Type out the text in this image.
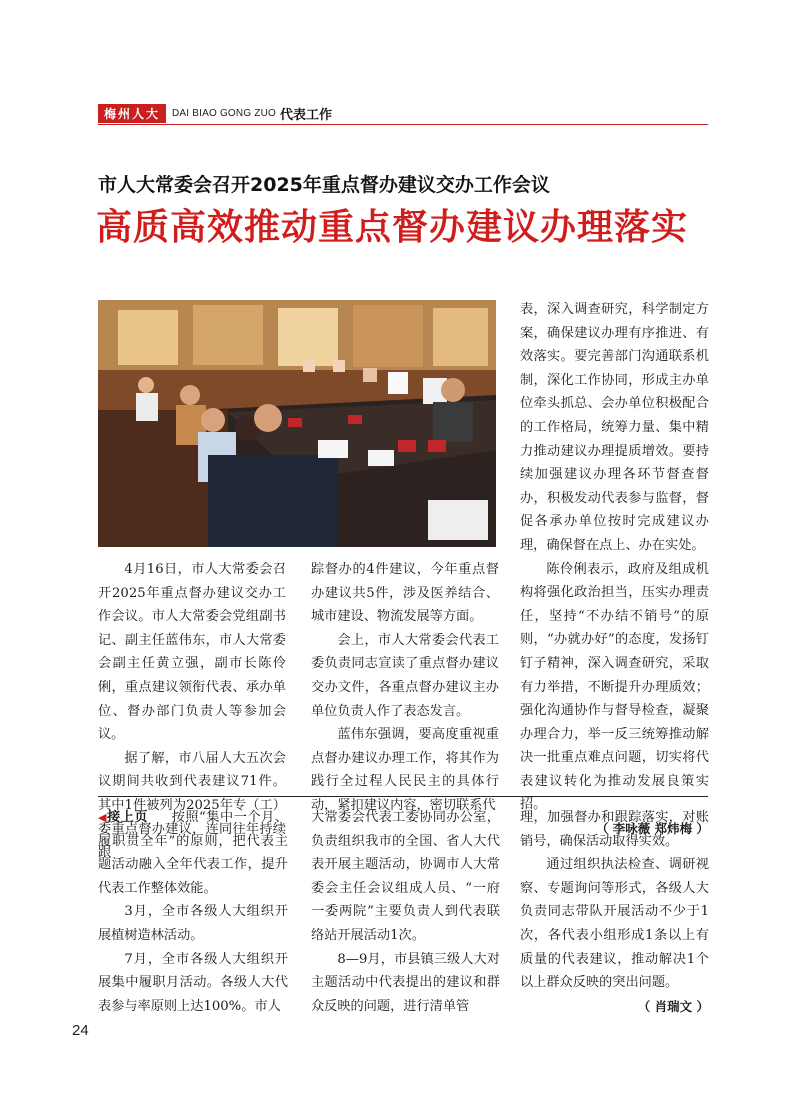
梅州人大	DAI BIAO GONG ZUO 代表工作
市人大常委会召开2025年重点督办建议交办工作会议
高质高效推动重点督办建议办理落实

4月16日，市人大常委会召开2025年重点督办建议交办工作会议。市人大常委会党组副书记、副主任蓝伟东，市人大常委会副主任黄立强，副市长陈伶俐，重点建议领衔代表、承办单位、督办部门负责人等参加会议。

据了解，市八届人大五次会议期间共收到代表建议71件。其中1件被列为2025年专（工）委重点督办建议，连同往年持续跟

踪督办的4件建议，今年重点督办建议共5件，涉及医养结合、城市建设、物流发展等方面。

会上，市人大常委会代表工委负责同志宣读了重点督办建议交办文件，各重点督办建议主办单位负责人作了表态发言。

蓝伟东强调，要高度重视重点督办建议办理工作，将其作为践行全过程人民民主的具体行动，紧扣建议内容，密切联系代

表，深入调查研究，科学制定方案，确保建议办理有序推进、有效落实。要完善部门沟通联系机制，深化工作协同，形成主办单位牵头抓总、会办单位积极配合的工作格局，统筹力量、集中精力推动建议办理提质增效。要持续加强建议办理各环节督查督办，积极发动代表参与监督，督促各承办单位按时完成建议办理，确保督在点上、办在实处。

陈伶俐表示，政府及组成机构将强化政治担当，压实办理责任，坚持“不办结不销号”的原则，“办就办好”的态度，发扬钉钉子精神，深入调查研究，采取有力举措，不断提升办理质效；强化沟通协作与督导检查，凝聚办理合力，举一反三统筹推动解决一批重点难点问题，切实将代表建议转化为推动发展良策实招。

（ 李咏薇 郑炜梅 ）

◀接上页 按照“集中一个月、履职贯全年”的原则，把代表主题活动融入全年代表工作，提升代表工作整体效能。

3月，全市各级人大组织开展植树造林活动。

7月，全市各级人大组织开展集中履职月活动。各级人大代表参与率原则上达100%。市人

大常委会代表工委协同办公室，负责组织我市的全国、省人大代表开展主题活动，协调市人大常委会主任会议组成人员、“一府一委两院”主要负责人到代表联络站开展活动1次。

8—9月，市县镇三级人大对主题活动中代表提出的建议和群众反映的问题，进行清单管

理，加强督办和跟踪落实，对账销号，确保活动取得实效。

通过组织执法检查、调研视察、专题询问等形式，各级人大负责同志带队开展活动不少于1次，各代表小组形成1条以上有质量的代表建议，推动解决1个以上群众反映的突出问题。

（ 肖瑞文 ）

24
